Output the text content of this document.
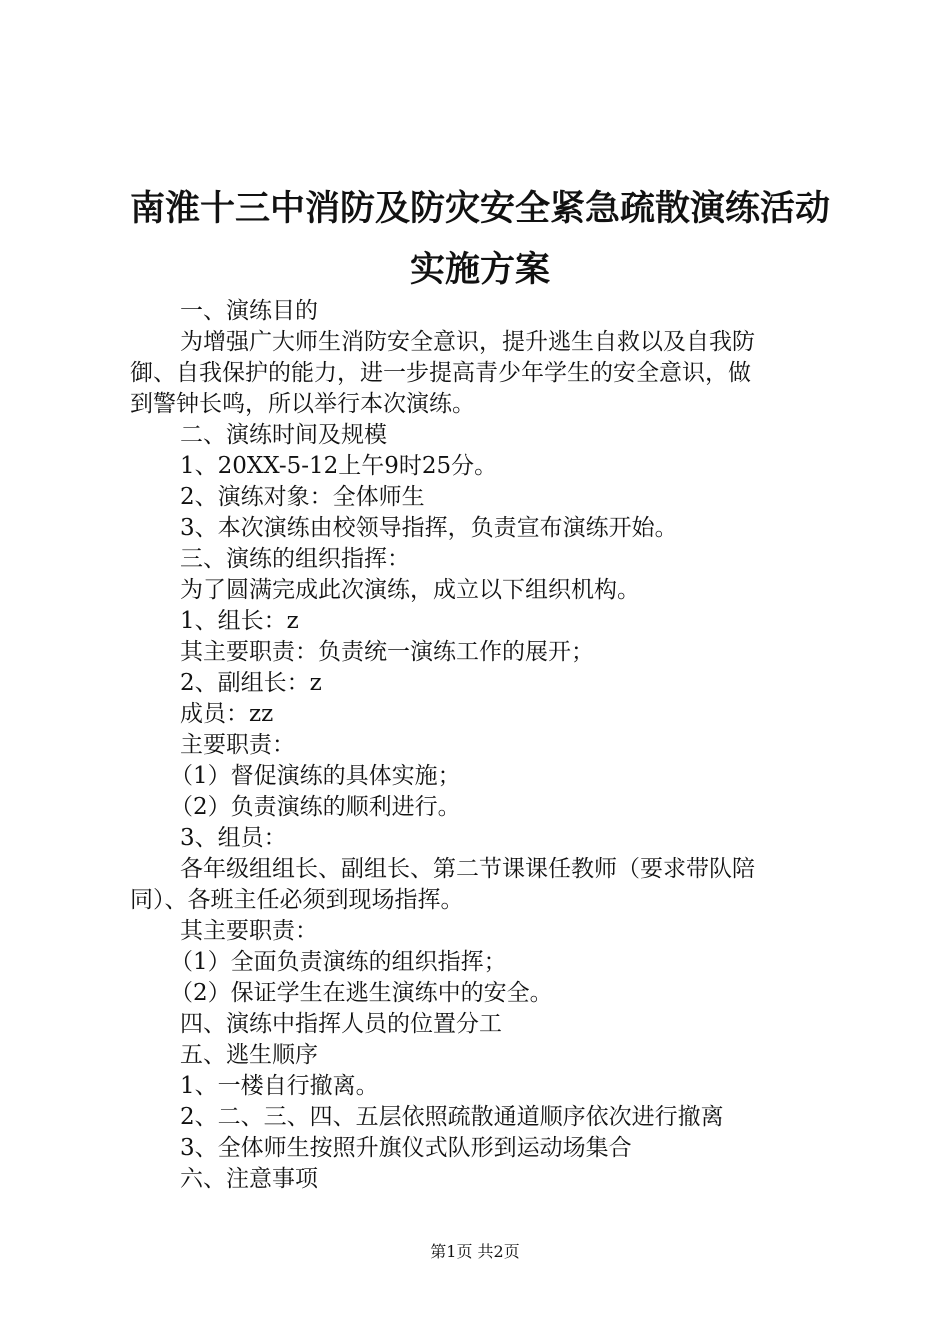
南淮十三中消防及防灾安全紧急疏散演练活动
实施方案
一、演练目的
为增强广大师生消防安全意识，提升逃生自救以及自我防
御、自我保护的能力，进一步提高青少年学生的安全意识，做
到警钟长鸣，所以举行本次演练。
二、演练时间及规模
1、20XX-5-12上午9时25分。
2、演练对象：全体师生
3、本次演练由校领导指挥，负责宣布演练开始。
三、演练的组织指挥：
为了圆满完成此次演练，成立以下组织机构。
1、组长：z
其主要职责：负责统一演练工作的展开；
2、副组长：z
成员：zz
主要职责：
（1）督促演练的具体实施；
（2）负责演练的顺利进行。
3、组员：
各年级组组长、副组长、第二节课课任教师（要求带队陪
同）、各班主任必须到现场指挥。
其主要职责：
（1）全面负责演练的组织指挥；
（2）保证学生在逃生演练中的安全。
四、演练中指挥人员的位置分工
五、逃生顺序
1、一楼自行撤离。
2、二、三、四、五层依照疏散通道顺序依次进行撤离
3、全体师生按照升旗仪式队形到运动场集合
六、注意事项
第1页 共2页
